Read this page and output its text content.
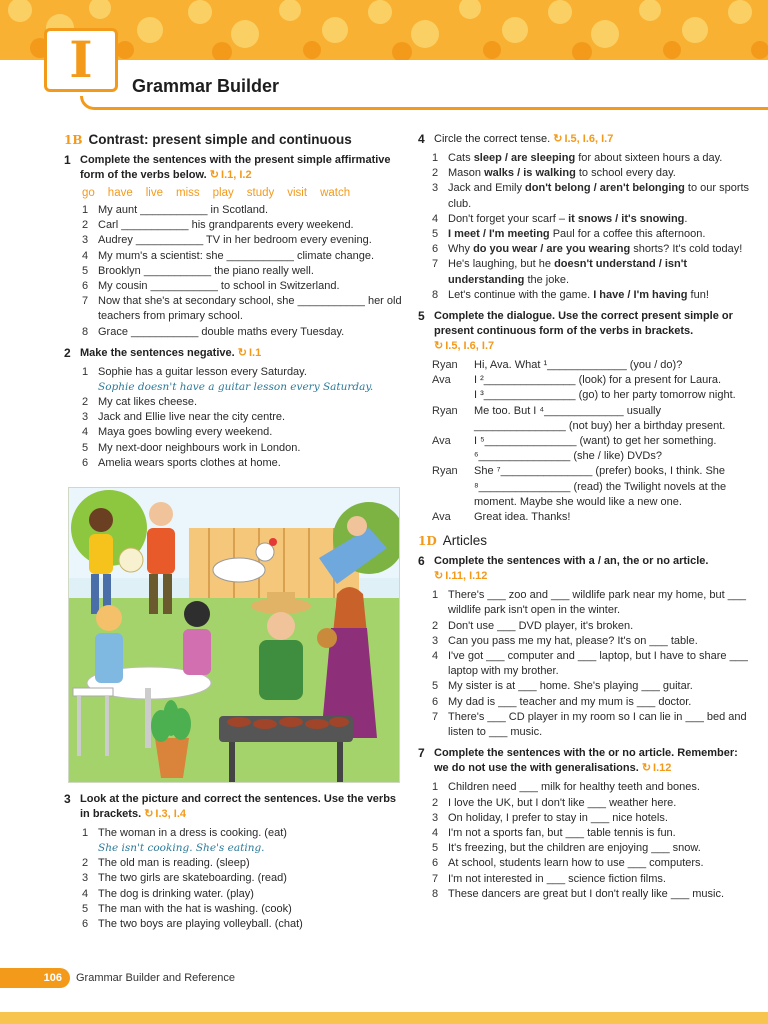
I Grammar Builder
1B Contrast: present simple and continuous
1 Complete the sentences with the present simple affirmative form of the verbs below. ↻ I.1, I.2
go have live miss play study visit watch
1 My aunt ___________ in Scotland.
2 Carl ___________ his grandparents every weekend.
3 Audrey ___________ TV in her bedroom every evening.
4 My mum's a scientist: she ___________ climate change.
5 Brooklyn ___________ the piano really well.
6 My cousin ___________ to school in Switzerland.
7 Now that she's at secondary school, she ___________ her old teachers from primary school.
8 Grace ___________ double maths every Tuesday.
2 Make the sentences negative. ↻ I.1
1 Sophie has a guitar lesson every Saturday.
Sophie doesn't have a guitar lesson every Saturday.
2 My cat likes cheese.
3 Jack and Ellie live near the city centre.
4 Maya goes bowling every weekend.
5 My next-door neighbours work in London.
6 Amelia wears sports clothes at home.
3 Look at the picture and correct the sentences. Use the verbs in brackets. ↻ I.3, I.4
1 The woman in a dress is cooking. (eat)
She isn't cooking. She's eating.
2 The old man is reading. (sleep)
3 The two girls are skateboarding. (read)
4 The dog is drinking water. (play)
5 The man with the hat is washing. (cook)
6 The two boys are playing volleyball. (chat)
4 Circle the correct tense. ↻ I.5, I.6, I.7
1 Cats sleep / are sleeping for about sixteen hours a day.
2 Mason walks / is walking to school every day.
3 Jack and Emily don't belong / aren't belonging to our sports club.
4 Don't forget your scarf – it snows / it's snowing.
5 I meet / I'm meeting Paul for a coffee this afternoon.
6 Why do you wear / are you wearing shorts? It's cold today!
7 He's laughing, but he doesn't understand / isn't understanding the joke.
8 Let's continue with the game. I have / I'm having fun!
5 Complete the dialogue. Use the correct present simple or present continuous form of the verbs in brackets. ↻ I.5, I.6, I.7
Ryan	Hi, Ava. What ¹_____________ (you / do)?
Ava	I ²_______________ (look) for a present for Laura.
I ³_______________ (go) to her party tomorrow night.
Ryan	Me too. But I ⁴_____________ usually _______________ (not buy) her a birthday present.
Ava	I ⁵_______________ (want) to get her something. ⁶_______________ (she / like) DVDs?
Ryan	She ⁷_______________ (prefer) books, I think. She ⁸_______________ (read) the Twilight novels at the moment. Maybe she would like a new one.
Ava	Great idea. Thanks!
1D Articles
6 Complete the sentences with a / an, the or no article. ↻ I.11, I.12
1 There's ___ zoo and ___ wildlife park near my home, but ___ wildlife park isn't open in the winter.
2 Don't use ___ DVD player, it's broken.
3 Can you pass me my hat, please? It's on ___ table.
4 I've got ___ computer and ___ laptop, but I have to share ___ laptop with my brother.
5 My sister is at ___ home. She's playing ___ guitar.
6 My dad is ___ teacher and my mum is ___ doctor.
7 There's ___ CD player in my room so I can lie in ___ bed and listen to ___ music.
7 Complete the sentences with the or no article. Remember: we do not use the with generalisations. ↻ I.12
1 Children need ___ milk for healthy teeth and bones.
2 I love the UK, but I don't like ___ weather here.
3 On holiday, I prefer to stay in ___ nice hotels.
4 I'm not a sports fan, but ___ table tennis is fun.
5 It's freezing, but the children are enjoying ___ snow.
6 At school, students learn how to use ___ computers.
7 I'm not interested in ___ science fiction films.
8 These dancers are great but I don't really like ___ music.
106	Grammar Builder and Reference
